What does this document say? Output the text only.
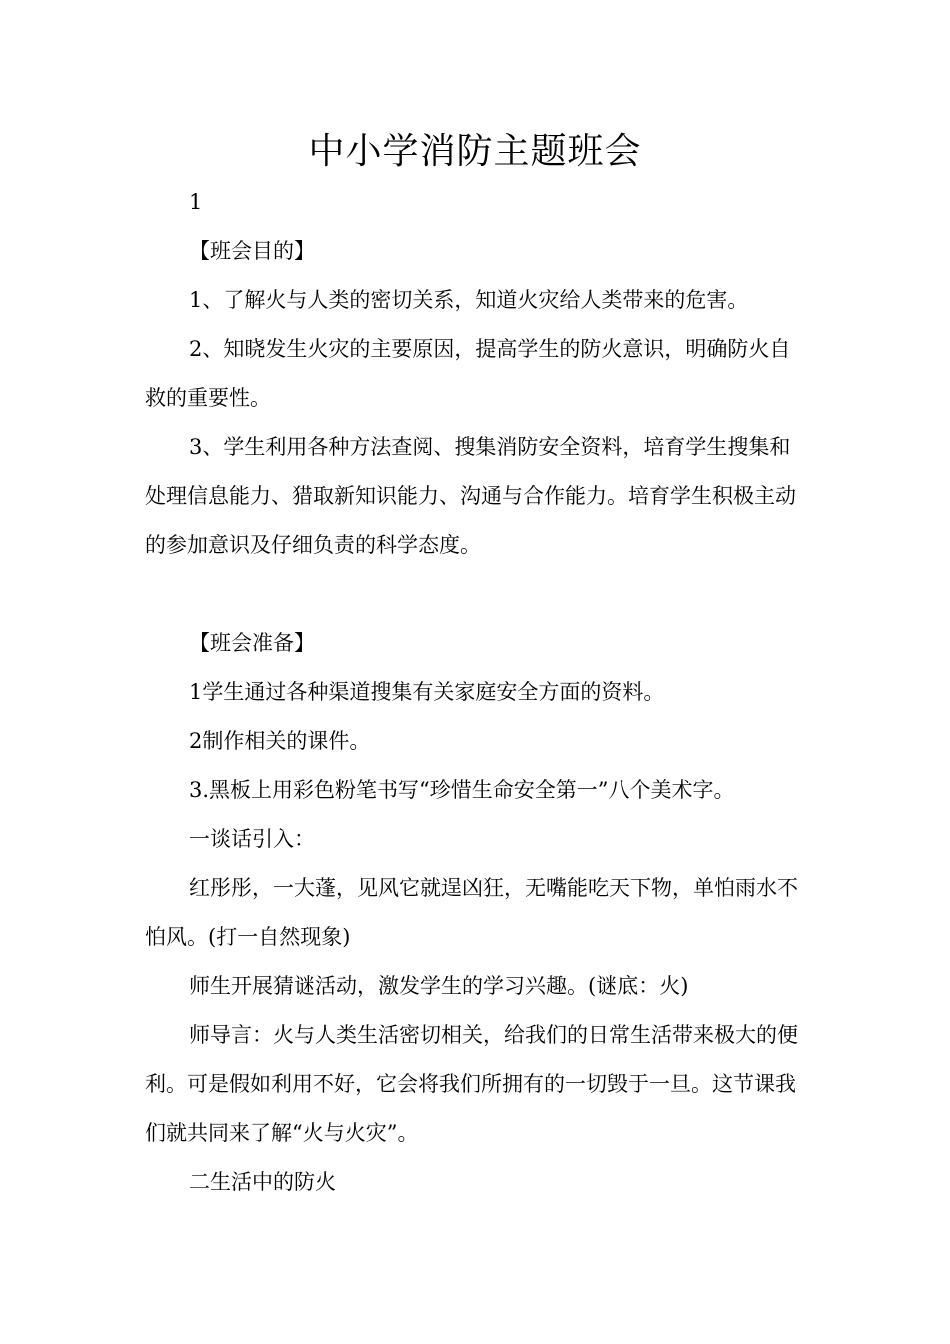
中小学消防主题班会

1

【班会目的】

1、了解火与人类的密切关系，知道火灾给人类带来的危害。

2、知晓发生火灾的主要原因，提高学生的防火意识，明确防火自救的重要性。

3、学生利用各种方法查阅、搜集消防安全资料，培育学生搜集和处理信息能力、猎取新知识能力、沟通与合作能力。培育学生积极主动的参加意识及仔细负责的科学态度。

【班会准备】

1学生通过各种渠道搜集有关家庭安全方面的资料。

2制作相关的课件。

3.黑板上用彩色粉笔书写“珍惜生命安全第一”八个美术字。

一谈话引入：

红彤彤，一大蓬，见风它就逞凶狂，无嘴能吃天下物，单怕雨水不怕风。(打一自然现象)

师生开展猜谜活动，激发学生的学习兴趣。(谜底：火)

师导言：火与人类生活密切相关，给我们的日常生活带来极大的便利。可是假如利用不好，它会将我们所拥有的一切毁于一旦。这节课我们就共同来了解“火与火灾”。

二生活中的防火
